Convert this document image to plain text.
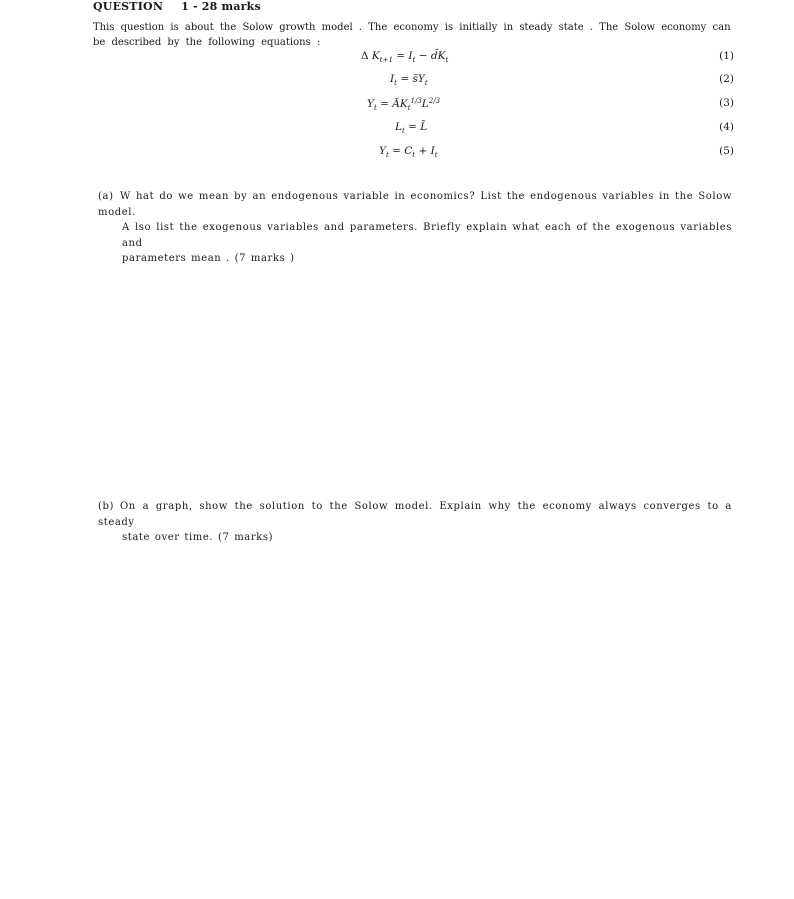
QUESTION 1 - 28 marks
This question is about the Solow growth model . The economy is initially in steady state . The Solow economy can
be described by the following equations :
Δ $K_{t+1} = I_t$ − $d̄K_t$	(1)
$I_t$ = $s̄Y_t$	(2)
$Y_t$ = $ĀK_t^{1/3}L^{2/3}$	(3)
$L_t$ = L̄	(4)
$Y_t = C_t + I_t$	(5)
(a) W hat do we mean by an endogenous variable in economics? List the endogenous variables in the Solow model.
A lso list the exogenous variables and parameters. Briefly explain what each of the exogenous variables and
parameters mean . (7 marks )
(b) On a graph, show the solution to the Solow model. Explain why the economy always converges to a steady
state over time. (7 marks)
